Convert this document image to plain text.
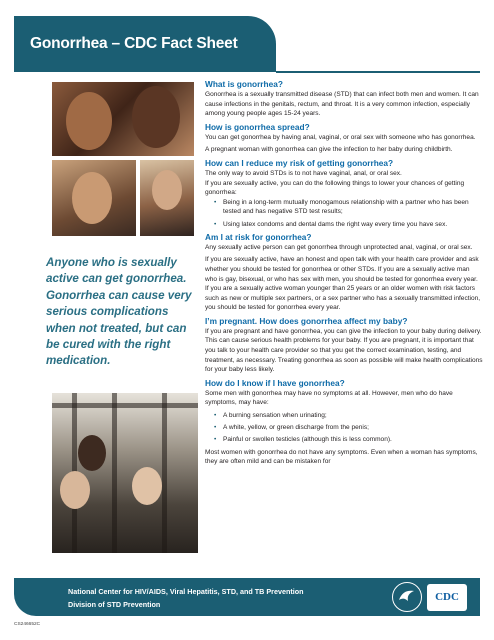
Gonorrhea – CDC Fact Sheet
Anyone who is sexually active can get gonorrhea. Gonorrhea can cause very serious complications when not treated, but can be cured with the right medication.
What is gonorrhea?
Gonorrhea is a sexually transmitted disease (STD) that can infect both men and women. It can cause infections in the genitals, rectum, and throat. It is a very common infection, especially among young people ages 15-24 years.
How is gonorrhea spread?
You can get gonorrhea by having anal, vaginal, or oral sex with someone who has gonorrhea.
A pregnant woman with gonorrhea can give the infection to her baby during childbirth.
How can I reduce my risk of getting gonorrhea?
The only way to avoid STDs is to not have vaginal, anal, or oral sex.
If you are sexually active, you can do the following things to lower your chances of getting gonorrhea:
• Being in a long-term mutually monogamous relationship with a partner who has been tested and has negative STD test results;
• Using latex condoms and dental dams the right way every time you have sex.
Am I at risk for gonorrhea?
Any sexually active person can get gonorrhea through unprotected anal, vaginal, or oral sex.
If you are sexually active, have an honest and open talk with your health care provider and ask whether you should be tested for gonorrhea or other STDs. If you are a sexually active man who is gay, bisexual, or who has sex with men, you should be tested for gonorrhea every year. If you are a sexually active woman younger than 25 years or an older women with risk factors such as new or multiple sex partners, or a sex partner who has a sexually transmitted infection, you should be tested for gonorrhea every year.
I’m pregnant. How does gonorrhea affect my baby?
If you are pregnant and have gonorrhea, you can give the infection to your baby during delivery. This can cause serious health problems for your baby. If you are pregnant, it is important that you talk to your health care provider so that you get the correct examination, testing, and treatment, as necessary. Treating gonorrhea as soon as possible will make health complications for your baby less likely.
How do I know if I have gonorrhea?
Some men with gonorrhea may have no symptoms at all. However, men who do have symptoms, may have:
• A burning sensation when urinating;
• A white, yellow, or green discharge from the penis;
• Painful or swollen testicles (although this is less common).
Most women with gonorrhea do not have any symptoms. Even when a woman has symptoms, they are often mild and can be mistaken for
National Center for HIV/AIDS, Viral Hepatitis, STD, and TB Prevention
Division of STD Prevention
CDC
CS246652C
